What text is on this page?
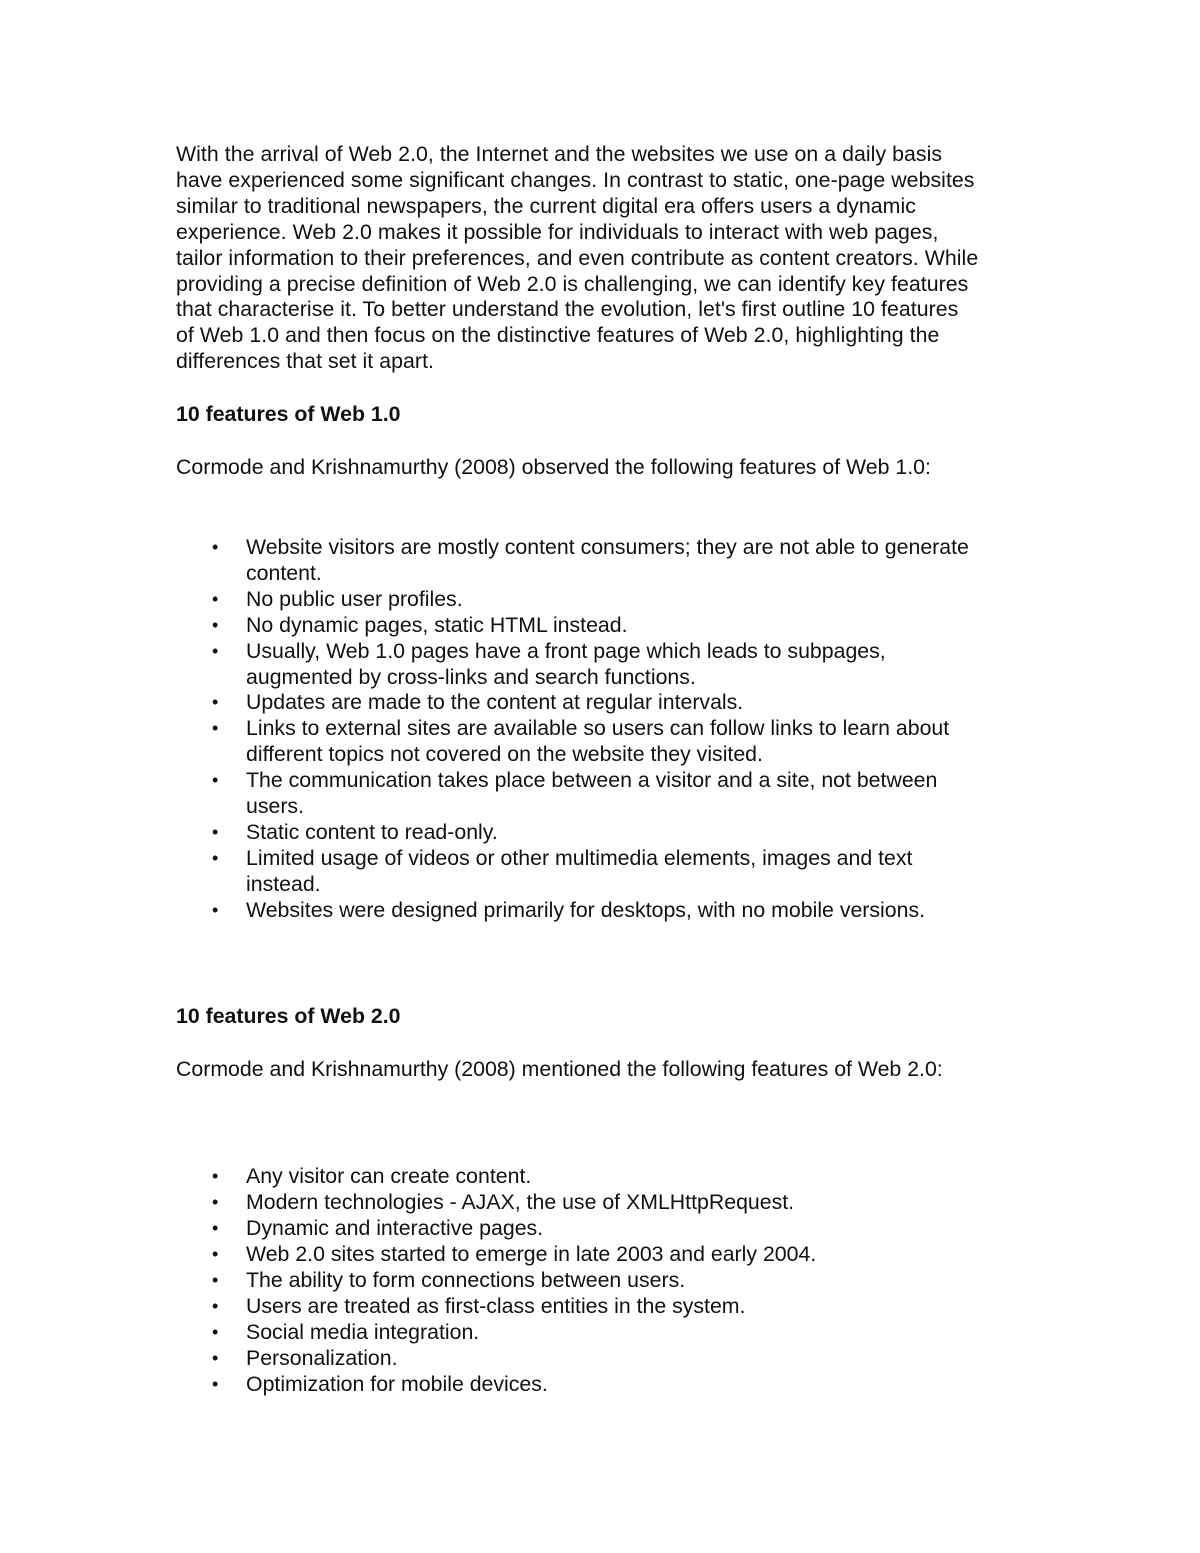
With the arrival of Web 2.0, the Internet and the websites we use on a daily basis
have experienced some significant changes. In contrast to static, one-page websites
similar to traditional newspapers, the current digital era offers users a dynamic
experience. Web 2.0 makes it possible for individuals to interact with web pages,
tailor information to their preferences, and even contribute as content creators. While
providing a precise definition of Web 2.0 is challenging, we can identify key features
that characterise it. To better understand the evolution, let's first outline 10 features
of Web 1.0 and then focus on the distinctive features of Web 2.0, highlighting the
differences that set it apart.

10 features of Web 1.0

Cormode and Krishnamurthy (2008) observed the following features of Web 1.0:

• Website visitors are mostly content consumers; they are not able to generate
content.
• No public user profiles.
• No dynamic pages, static HTML instead.
• Usually, Web 1.0 pages have a front page which leads to subpages,
augmented by cross-links and search functions.
• Updates are made to the content at regular intervals.
• Links to external sites are available so users can follow links to learn about
different topics not covered on the website they visited.
• The communication takes place between a visitor and a site, not between
users.
• Static content to read-only.
• Limited usage of videos or other multimedia elements, images and text
instead.
• Websites were designed primarily for desktops, with no mobile versions.

10 features of Web 2.0

Cormode and Krishnamurthy (2008) mentioned the following features of Web 2.0:

• Any visitor can create content.
• Modern technologies - AJAX, the use of XMLHttpRequest.
• Dynamic and interactive pages.
• Web 2.0 sites started to emerge in late 2003 and early 2004.
• The ability to form connections between users.
• Users are treated as first-class entities in the system.
• Social media integration.
• Personalization.
• Optimization for mobile devices.
